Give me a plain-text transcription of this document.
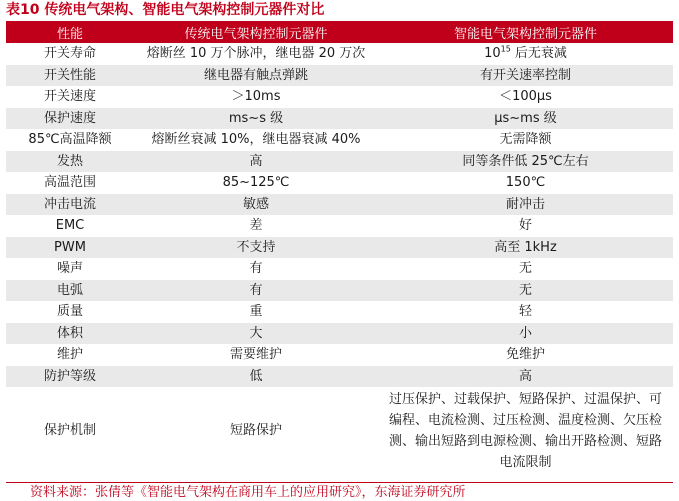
表10 传统电气架构、智能电气架构控制元器件对比
性能	传统电气架构控制元器件	智能电气架构控制元器件
开关寿命	熔断丝 10 万个脉冲，继电器 20 万次	$10^{15}$ 后无衰减
开关性能	继电器有触点弹跳	有开关速率控制
开关速度	＞10ms	＜100μs
保护速度	ms~s 级	μs~ms 级
85℃高温降额	熔断丝衰减 10%，继电器衰减 40%	无需降额
发热	高	同等条件低 25℃左右
高温范围	85~125℃	150℃
冲击电流	敏感	耐冲击
EMC	差	好
PWM	不支持	高至 1kHz
噪声	有	无
电弧	有	无
质量	重	轻
体积	大	小
维护	需要维护	免维护
防护等级	低	高
保护机制	短路保护	过压保护、过载保护、短路保护、过温保护、可编程、电流检测、过压检测、温度检测、欠压检测、输出短路到电源检测、输出开路检测、短路电流限制
资料来源：张倩等《智能电气架构在商用车上的应用研究》，东海证券研究所
